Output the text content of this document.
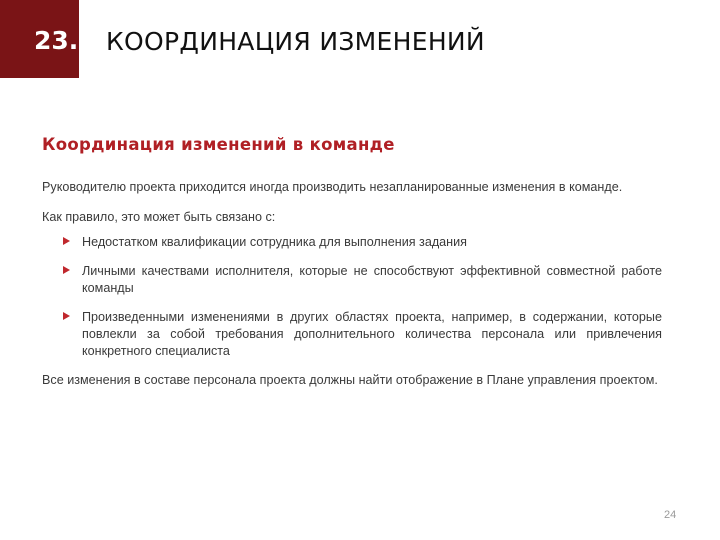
23. КООРДИНАЦИЯ ИЗМЕНЕНИЙ
Координация изменений в команде
Руководителю проекта приходится иногда производить незапланированные изменения в команде.
Как правило, это может быть связано с:
Недостатком квалификации сотрудника для выполнения задания
Личными качествами исполнителя, которые не способствуют эффективной совместной работе команды
Произведенными изменениями в других областях проекта, например, в содержании, которые повлекли за собой требования дополнительного количества персонала или привлечения конкретного специалиста
Все изменения в составе персонала проекта должны найти отображение в Плане управления проектом.
24
